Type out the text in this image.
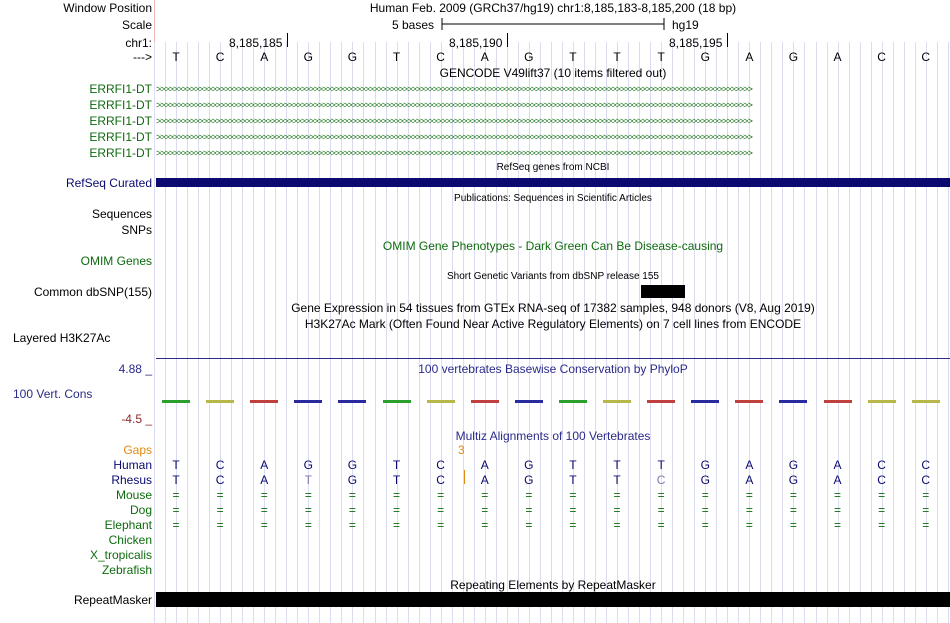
Window Position	Human Feb. 2009 (GRCh37/hg19) chr1:8,185,183-8,185,200 (18 bp)
Scale	5 bases	hg19
chr1:	8,185,185	8,185,190	8,185,195
---> T	C	A	G	G	T	C	A	G	T	T	T	G	A	G	A	C	C
GENCODE V49lift37 (10 items filtered out)
ERRFI1-DT >>>>>>>>>>>>>>>>>>>>>>>>>>>>>>>>>>>>>>>>>>>>>>>>>>>>>>>>>>>>>>>>>>>>>>>>>>>>>>>>>>>>>>>>>>>>>>>>>>>>>>>>>>>>>>>>>>>>>>>>>>>>>>>>>>>>>>>>>>>>
ERRFI1-DT >>>>>>>>>>>>>>>>>>>>>>>>>>>>>>>>>>>>>>>>>>>>>>>>>>>>>>>>>>>>>>>>>>>>>>>>>>>>>>>>>>>>>>>>>>>>>>>>>>>>>>>>>>>>>>>>>>>>>>>>>>>>>>>>>>>>>>>>>>>>
ERRFI1-DT >>>>>>>>>>>>>>>>>>>>>>>>>>>>>>>>>>>>>>>>>>>>>>>>>>>>>>>>>>>>>>>>>>>>>>>>>>>>>>>>>>>>>>>>>>>>>>>>>>>>>>>>>>>>>>>>>>>>>>>>>>>>>>>>>>>>>>>>>>>>
ERRFI1-DT >>>>>>>>>>>>>>>>>>>>>>>>>>>>>>>>>>>>>>>>>>>>>>>>>>>>>>>>>>>>>>>>>>>>>>>>>>>>>>>>>>>>>>>>>>>>>>>>>>>>>>>>>>>>>>>>>>>>>>>>>>>>>>>>>>>>>>>>>>>>
ERRFI1-DT >>>>>>>>>>>>>>>>>>>>>>>>>>>>>>>>>>>>>>>>>>>>>>>>>>>>>>>>>>>>>>>>>>>>>>>>>>>>>>>>>>>>>>>>>>>>>>>>>>>>>>>>>>>>>>>>>>>>>>>>>>>>>>>>>>>>>>>>>>>>
RefSeq genes from NCBI
RefSeq Curated
Publications: Sequences in Scientific Articles
Sequences
SNPs
OMIM Gene Phenotypes - Dark Green Can Be Disease-causing
OMIM Genes
Short Genetic Variants from dbSNP release 155
Common dbSNP(155)
Gene Expression in 54 tissues from GTEx RNA-seq of 17382 samples, 948 donors (V8, Aug 2019)
H3K27Ac Mark (Often Found Near Active Regulatory Elements) on 7 cell lines from ENCODE
Layered H3K27Ac
4.88 _	100 vertebrates Basewise Conservation by PhyloP
100 Vert. Cons
-4.5 _
Multiz Alignments of 100 Vertebrates
Gaps	3
Human T	C	A	G	G	T	C	A	G	T	T	T	G	A	G	A	C	C
Rhesus T	C	A	T	G	T	C	A	G	T	T	C	G	A	G	A	C	C
Mouse =	=	=	=	=	=	=	=	=	=	=	=	=	=	=	=	=	=
Dog =	=	=	=	=	=	=	=	=	=	=	=	=	=	=	=	=	=
Elephant =	=	=	=	=	=	=	=	=	=	=	=	=	=	=	=	=	=
Chicken
X_tropicalis
Zebrafish
Repeating Elements by RepeatMasker
RepeatMasker
